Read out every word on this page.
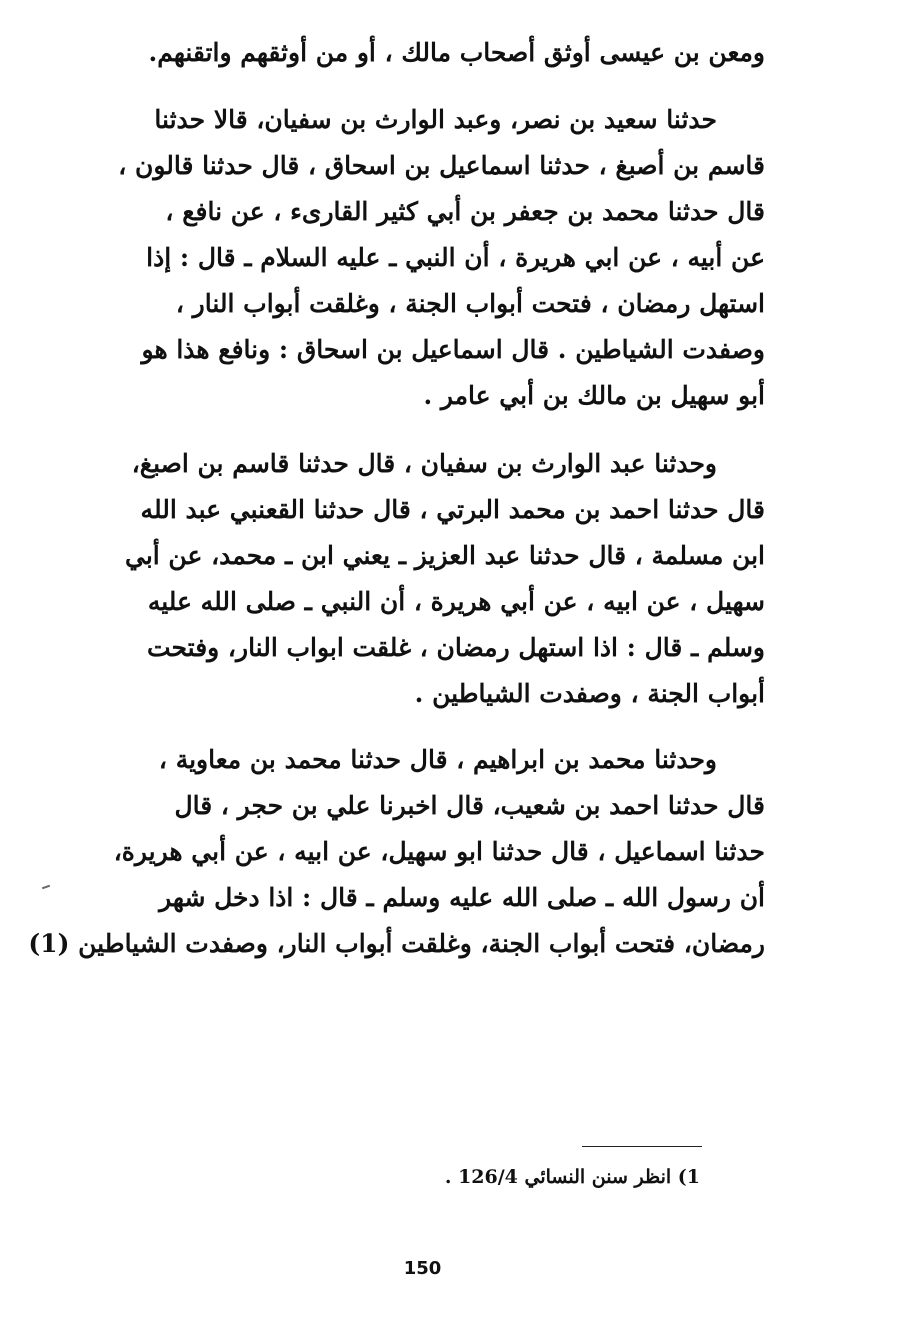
ومعن بن عيسى أوثق أصحاب مالك ، أو من أوثقهم واتقنهم.
حدثنا سعيد بن نصر، وعبد الوارث بن سفيان، قالا حدثنا
قاسم بن أصبغ ، حدثنا اسماعيل بن اسحاق ، قال حدثنا قالون ،
قال حدثنا محمد بن جعفر بن أبي كثير القارىء ، عن نافع ،
عن أبيه ، عن ابي هريرة ، أن النبي ـ عليه السلام ـ قال : إذا
استهل رمضان ، فتحت أبواب الجنة ، وغلقت أبواب النار ،
وصفدت الشياطين . قال اسماعيل بن اسحاق : ونافع هذا هو
أبو سهيل بن مالك بن أبي عامر .
وحدثنا عبد الوارث بن سفيان ، قال حدثنا قاسم بن اصبغ،
قال حدثنا احمد بن محمد البرتي ، قال حدثنا القعنبي عبد الله
ابن مسلمة ، قال حدثنا عبد العزيز ـ يعني ابن ـ محمد، عن أبي
سهيل ، عن ابيه ، عن أبي هريرة ، أن النبي ـ صلى الله عليه
وسلم ـ قال : اذا استهل رمضان ، غلقت ابواب النار، وفتحت
أبواب الجنة ، وصفدت الشياطين .
وحدثنا محمد بن ابراهيم ، قال حدثنا محمد بن معاوية ،
قال حدثنا احمد بن شعيب، قال اخبرنا علي بن حجر ، قال
حدثنا اسماعيل ، قال حدثنا ابو سهيل، عن ابيه ، عن أبي هريرة،
أن رسول الله ـ صلى الله عليه وسلم ـ قال : اذا دخل شهر
رمضان، فتحت أبواب الجنة، وغلقت أبواب النار، وصفدت الشياطين (1)
1) انظر سنن النسائي 126/4 .
150
